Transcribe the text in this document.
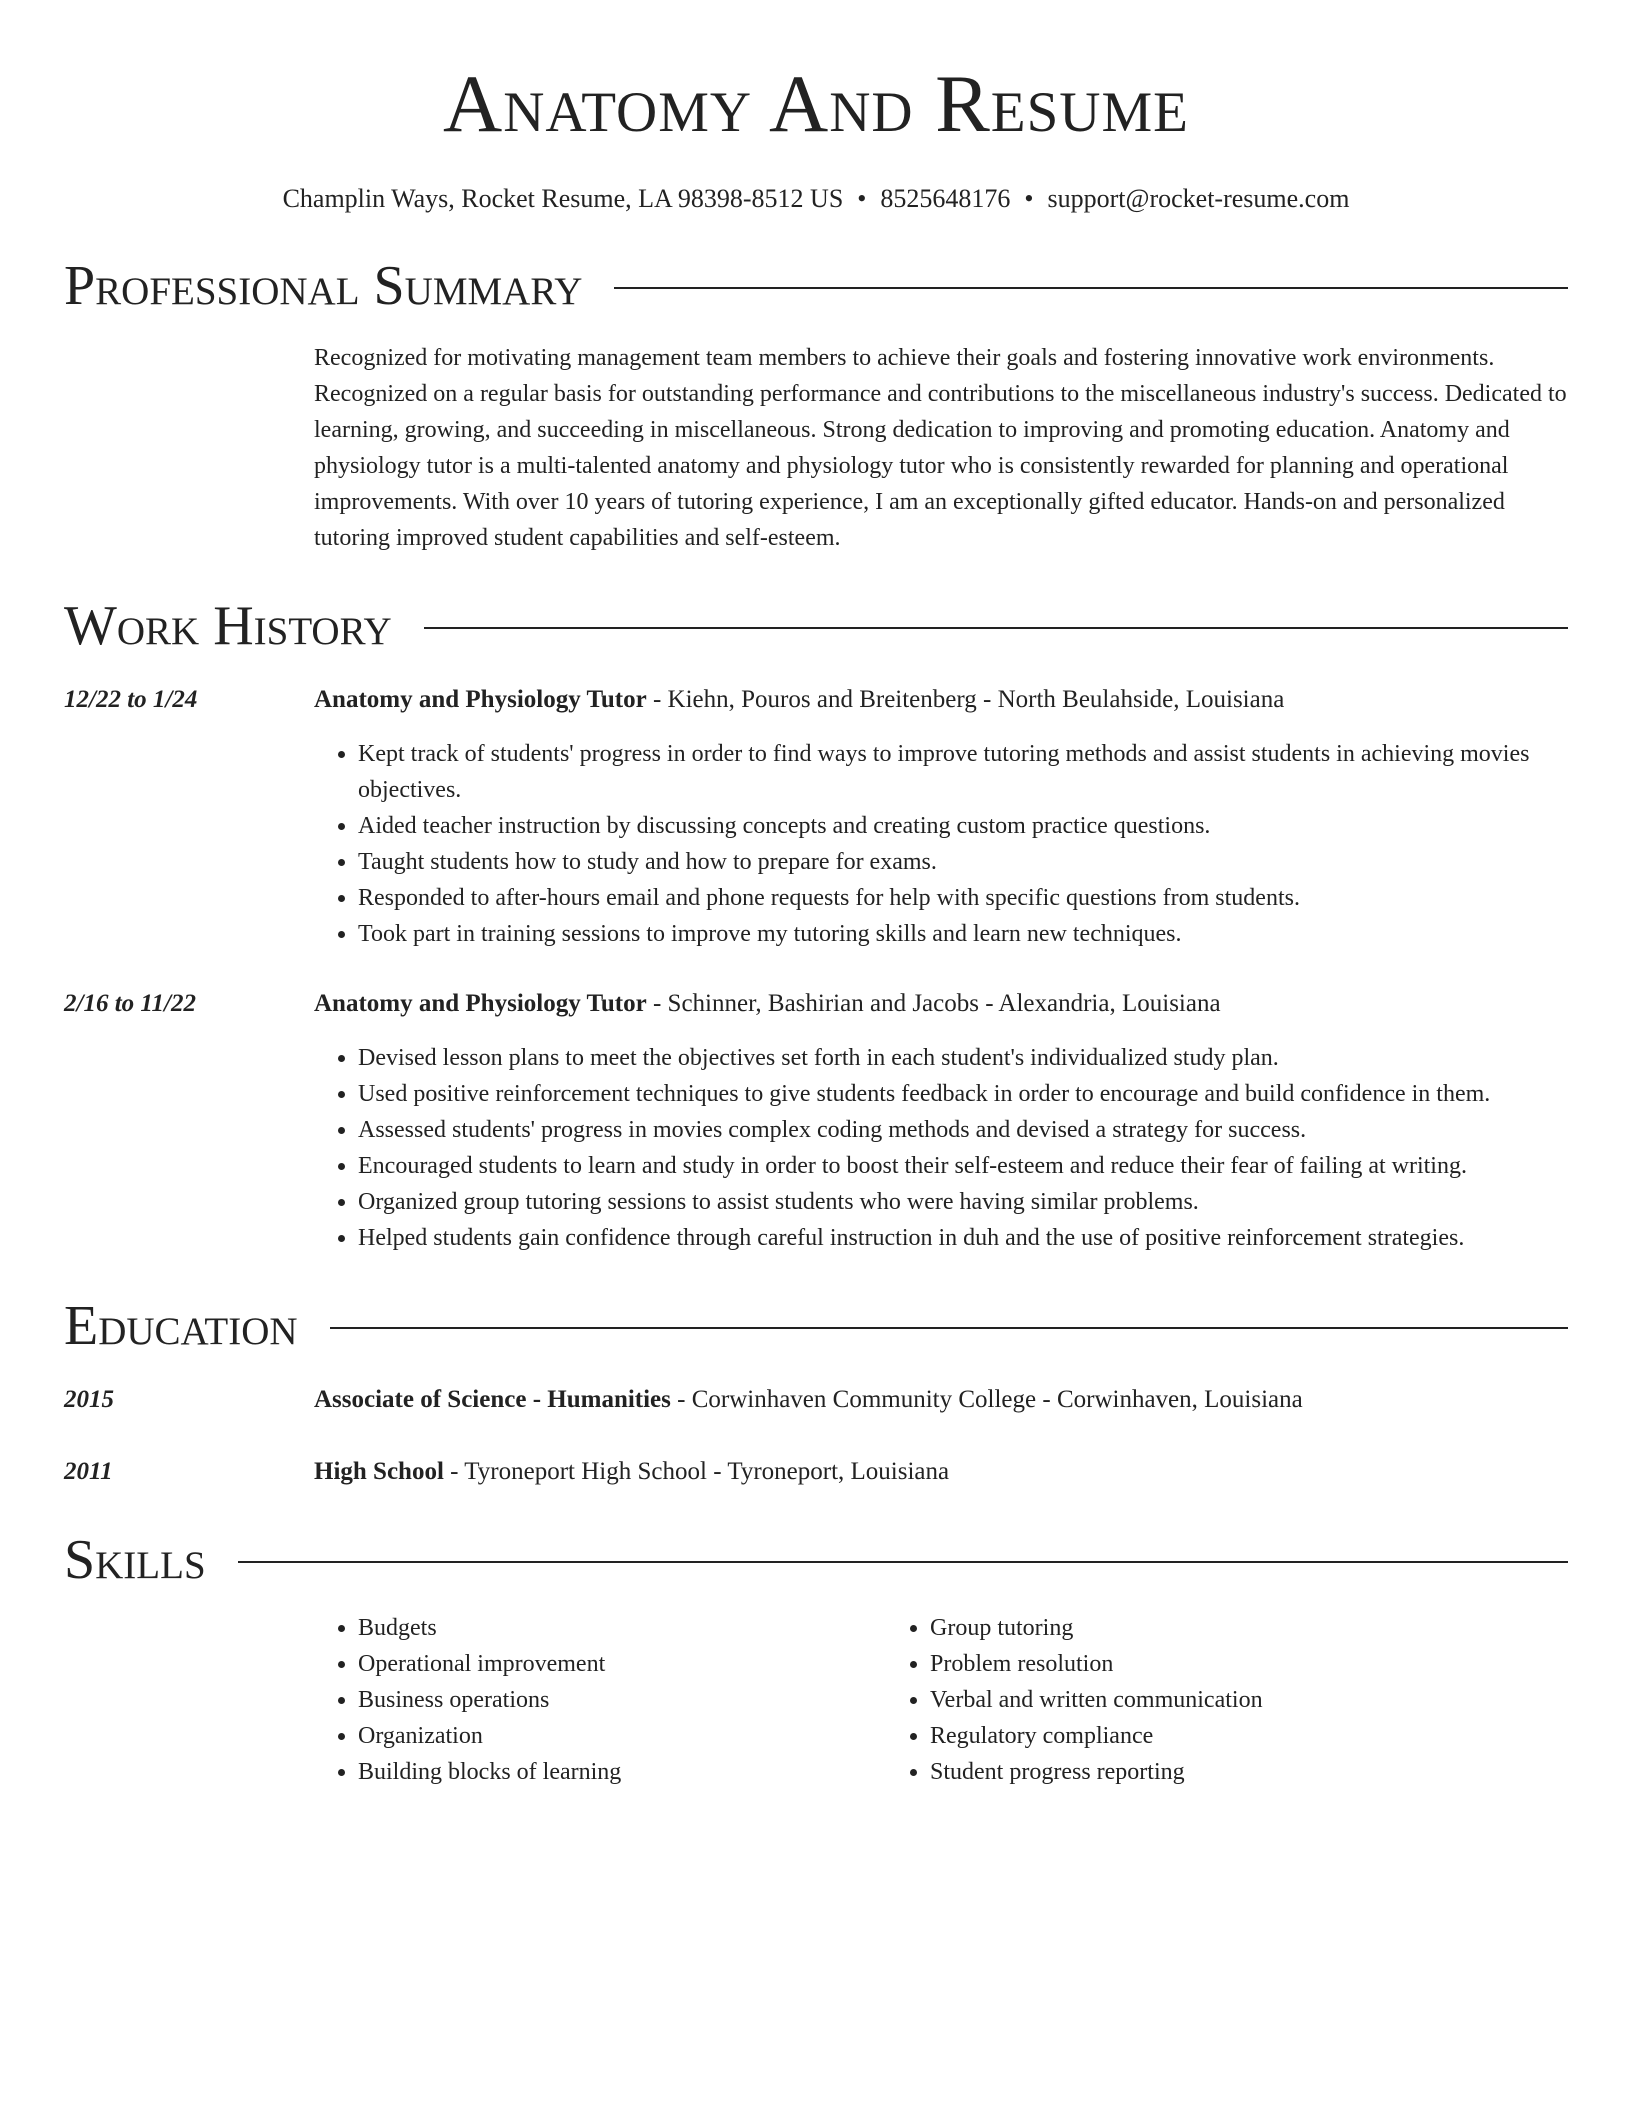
Anatomy And Resume
Champlin Ways, Rocket Resume, LA 98398-8512 US • 8525648176 • support@rocket-resume.com
Professional Summary
Recognized for motivating management team members to achieve their goals and fostering innovative work environments. Recognized on a regular basis for outstanding performance and contributions to the miscellaneous industry's success. Dedicated to learning, growing, and succeeding in miscellaneous. Strong dedication to improving and promoting education. Anatomy and physiology tutor is a multi-talented anatomy and physiology tutor who is consistently rewarded for planning and operational improvements. With over 10 years of tutoring experience, I am an exceptionally gifted educator. Hands-on and personalized tutoring improved student capabilities and self-esteem.
Work History
12/22 to 1/24	Anatomy and Physiology Tutor - Kiehn, Pouros and Breitenberg - North Beulahside, Louisiana
• Kept track of students' progress in order to find ways to improve tutoring methods and assist students in achieving movies objectives.
• Aided teacher instruction by discussing concepts and creating custom practice questions.
• Taught students how to study and how to prepare for exams.
• Responded to after-hours email and phone requests for help with specific questions from students.
• Took part in training sessions to improve my tutoring skills and learn new techniques.
2/16 to 11/22	Anatomy and Physiology Tutor - Schinner, Bashirian and Jacobs - Alexandria, Louisiana
• Devised lesson plans to meet the objectives set forth in each student's individualized study plan.
• Used positive reinforcement techniques to give students feedback in order to encourage and build confidence in them.
• Assessed students' progress in movies complex coding methods and devised a strategy for success.
• Encouraged students to learn and study in order to boost their self-esteem and reduce their fear of failing at writing.
• Organized group tutoring sessions to assist students who were having similar problems.
• Helped students gain confidence through careful instruction in duh and the use of positive reinforcement strategies.
Education
2015	Associate of Science - Humanities - Corwinhaven Community College - Corwinhaven, Louisiana
2011	High School - Tyroneport High School - Tyroneport, Louisiana
Skills
• Budgets
• Operational improvement
• Business operations
• Organization
• Building blocks of learning
• Group tutoring
• Problem resolution
• Verbal and written communication
• Regulatory compliance
• Student progress reporting
